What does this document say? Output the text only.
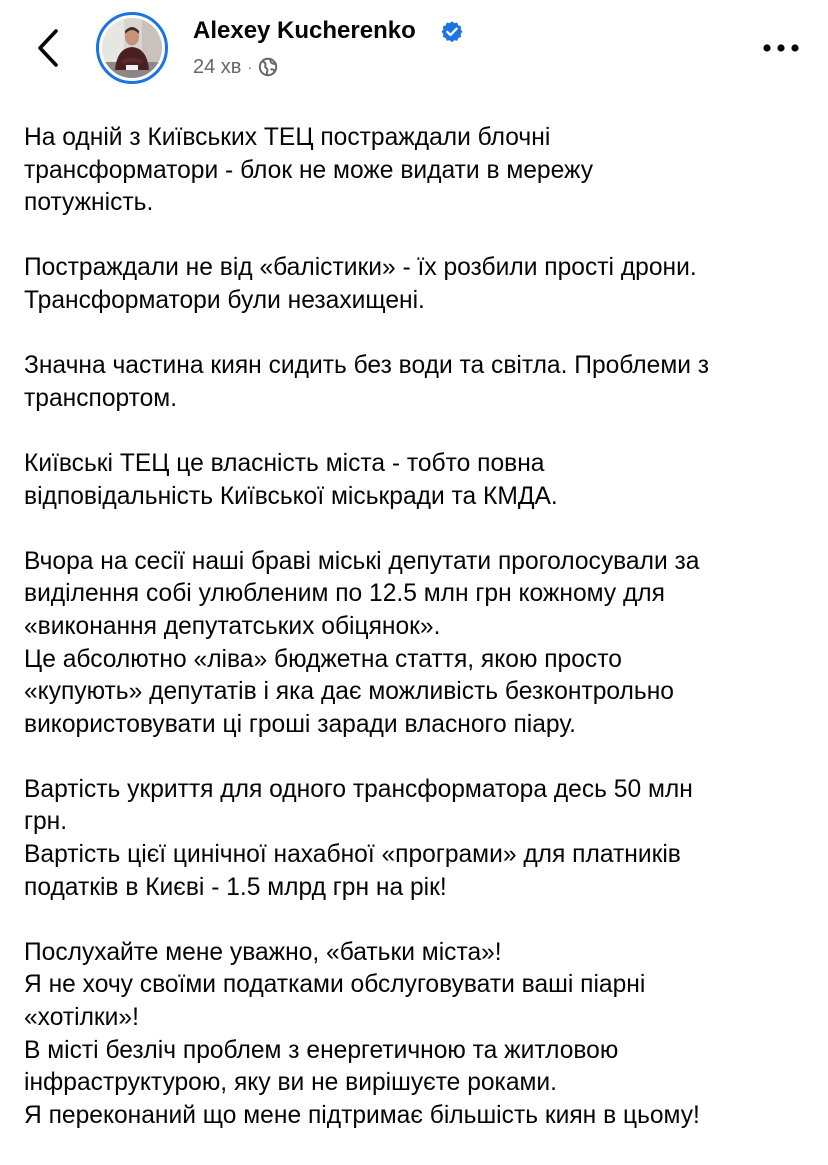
Alexey Kucherenko
24 хв ·

На одній з Київських ТЕЦ постраждали блочні
трансформатори - блок не може видати в мережу
потужність.

Постраждали не від «балістики» - їх розбили прості дрони.
Трансформатори були незахищені.

Значна частина киян сидить без води та світла. Проблеми з
транспортом.

Київські ТЕЦ це власність міста - тобто повна
відповідальність Київської міськради та КМДА.

Вчора на сесії наші браві міські депутати проголосували за
виділення собі улюбленим по 12.5 млн грн кожному для
«виконання депутатських обіцянок».
Це абсолютно «ліва» бюджетна стаття, якою просто
«купують» депутатів і яка дає можливість безконтрольно
використовувати ці гроші заради власного піару.

Вартість укриття для одного трансформатора десь 50 млн
грн.
Вартість цієї цинічної нахабної «програми» для платників
податків в Києві - 1.5 млрд грн на рік!

Послухайте мене уважно, «батьки міста»!
Я не хочу своїми податками обслуговувати ваші піарні
«хотілки»!
В місті безліч проблем з енергетичною та житловою
інфраструктурою, яку ви не вирішуєте роками.
Я переконаний що мене підтримає більшість киян в цьому!
